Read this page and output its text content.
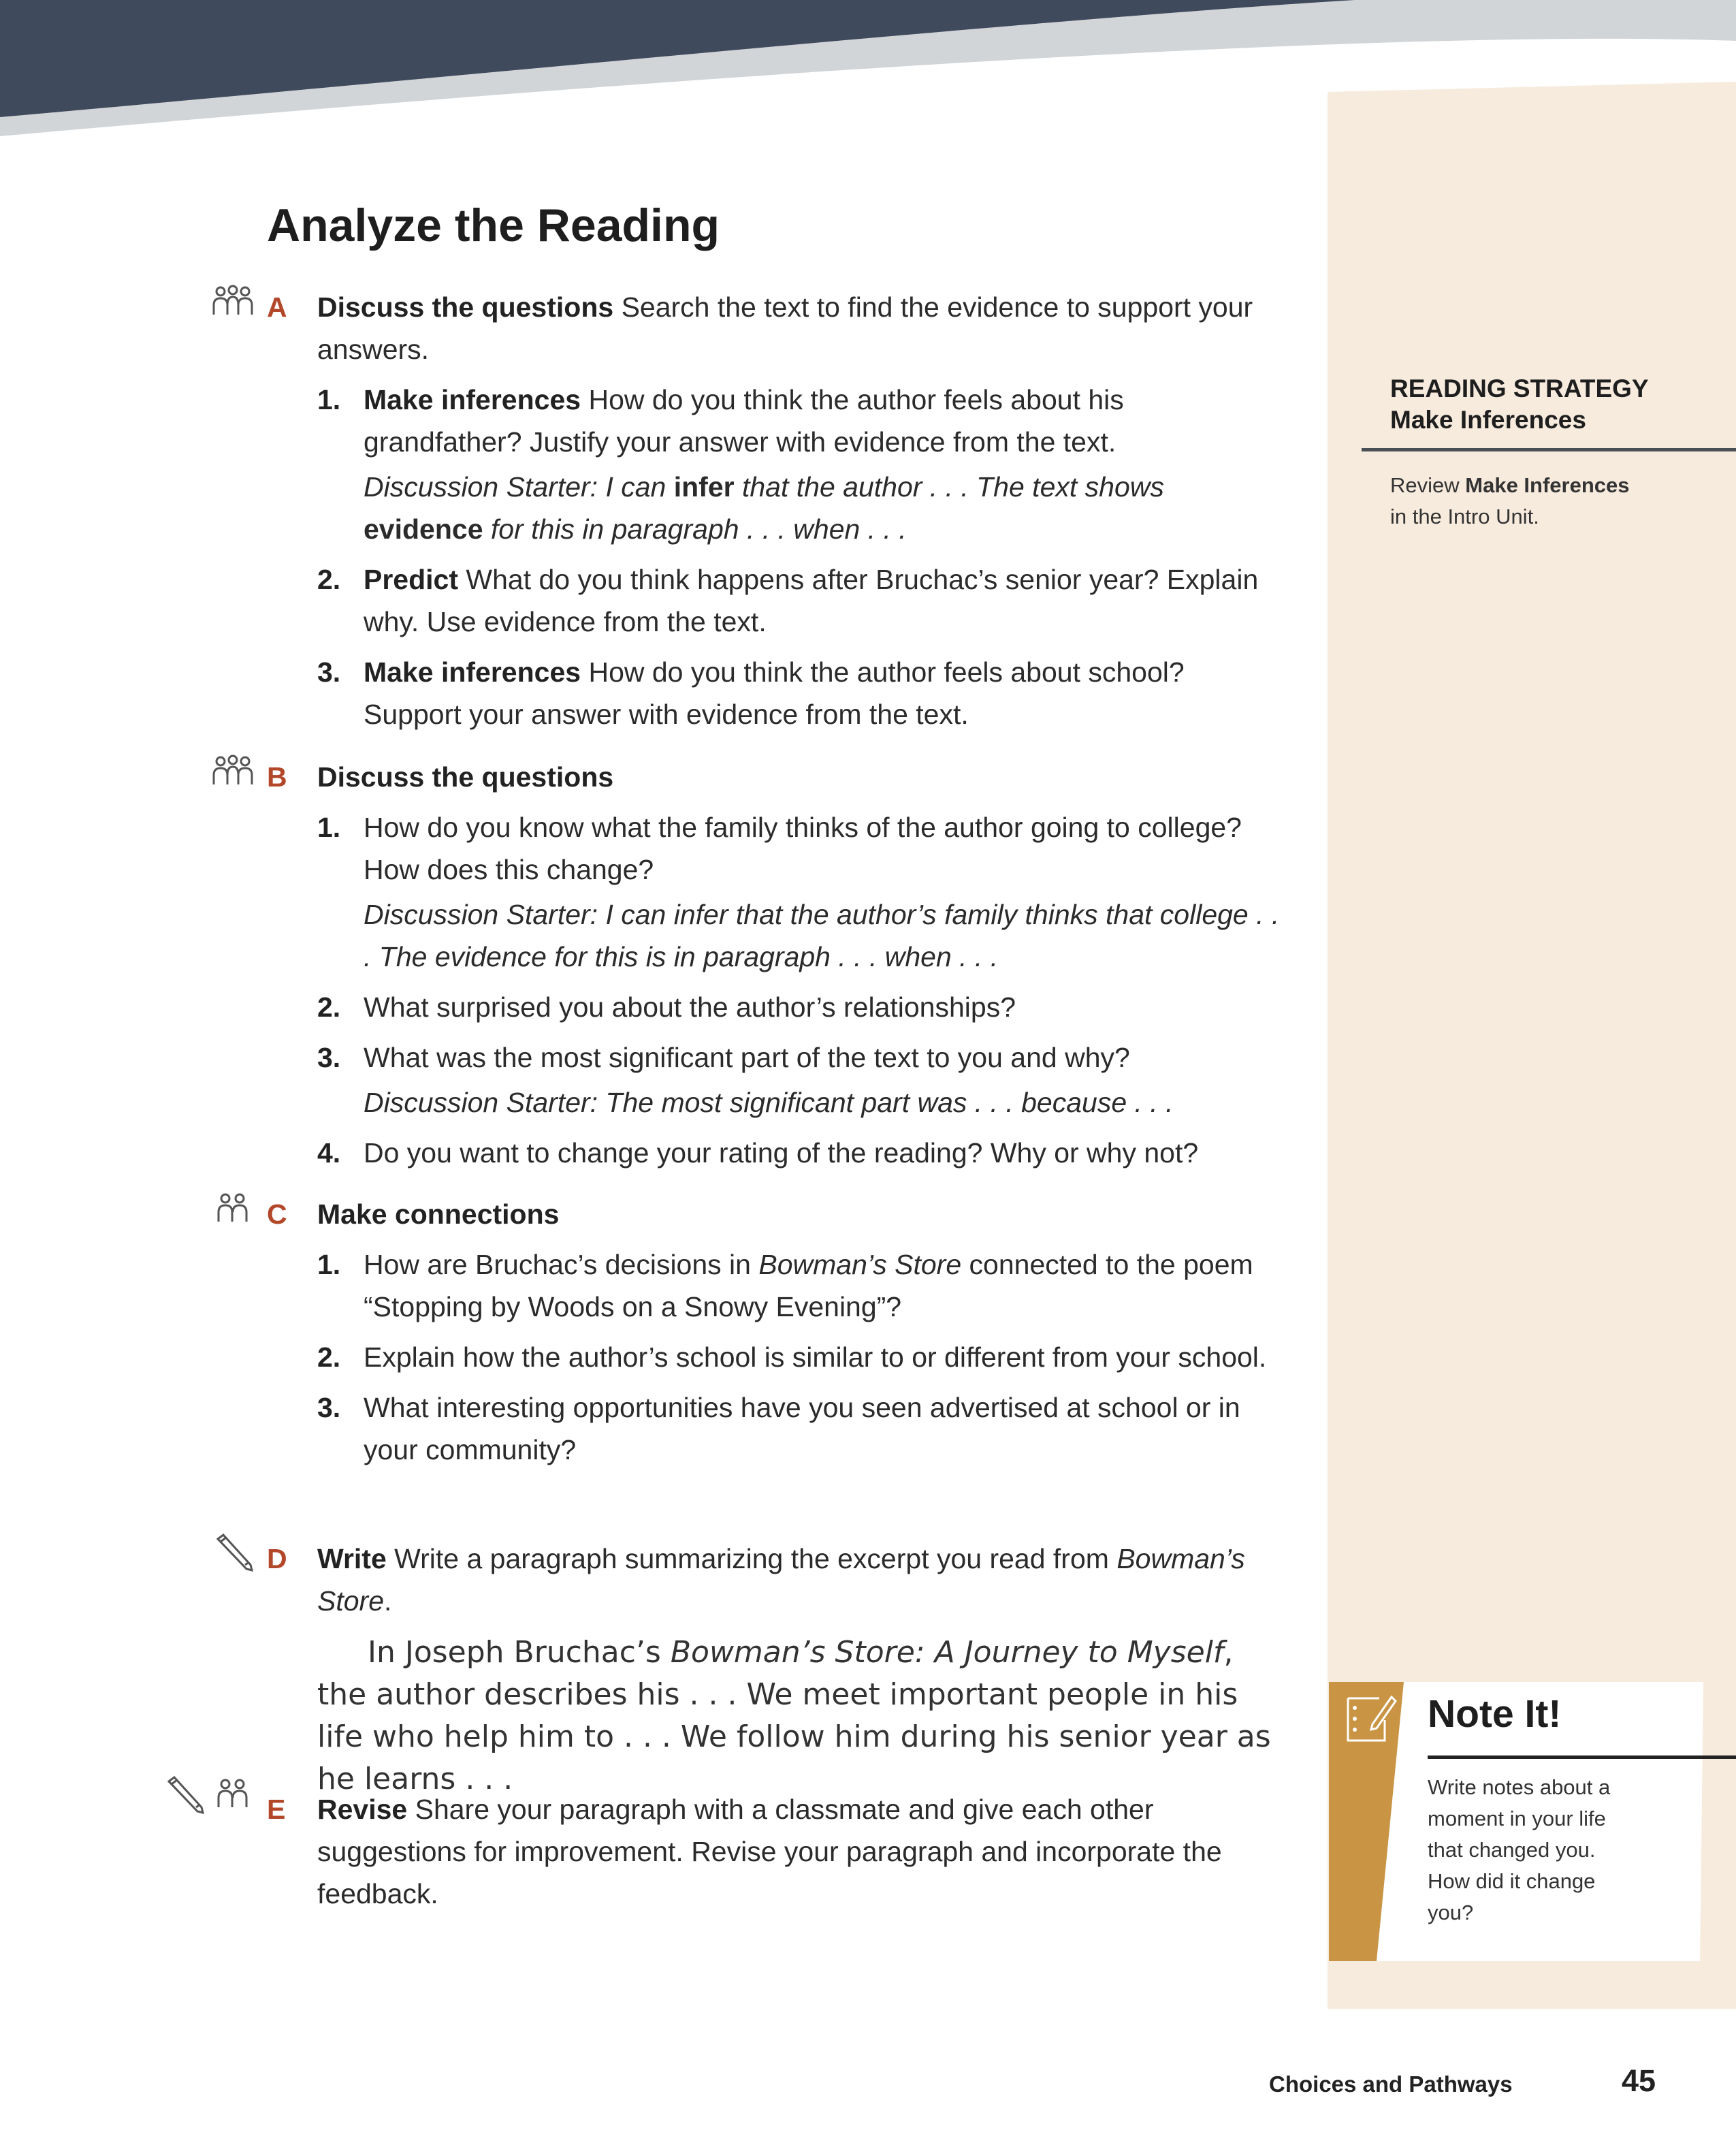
Analyze the Reading
A Discuss the questions Search the text to find the evidence to support your answers.
1. Make inferences How do you think the author feels about his grandfather? Justify your answer with evidence from the text.
Discussion Starter: I can infer that the author . . . The text shows evidence for this in paragraph . . . when . . .
2. Predict What do you think happens after Bruchac’s senior year? Explain why. Use evidence from the text.
3. Make inferences How do you think the author feels about school? Support your answer with evidence from the text.
B Discuss the questions
1. How do you know what the family thinks of the author going to college? How does this change?
Discussion Starter: I can infer that the author’s family thinks that college . . . The evidence for this is in paragraph . . . when . . .
2. What surprised you about the author’s relationships?
3. What was the most significant part of the text to you and why?
Discussion Starter: The most significant part was . . . because . . .
4. Do you want to change your rating of the reading? Why or why not?
C Make connections
1. How are Bruchac’s decisions in Bowman’s Store connected to the poem “Stopping by Woods on a Snowy Evening”?
2. Explain how the author’s school is similar to or different from your school.
3. What interesting opportunities have you seen advertised at school or in your community?
D Write Write a paragraph summarizing the excerpt you read from Bowman’s Store.
In Joseph Bruchac’s Bowman’s Store: A Journey to Myself, the author describes his . . . We meet important people in his life who help him to . . . We follow him during his senior year as he learns . . .
E Revise Share your paragraph with a classmate and give each other suggestions for improvement. Revise your paragraph and incorporate the feedback.
READING STRATEGY
Make Inferences
Review Make Inferences
in the Intro Unit.
Note It!
Write notes about a moment in your life that changed you. How did it change you?
Choices and Pathways	45
